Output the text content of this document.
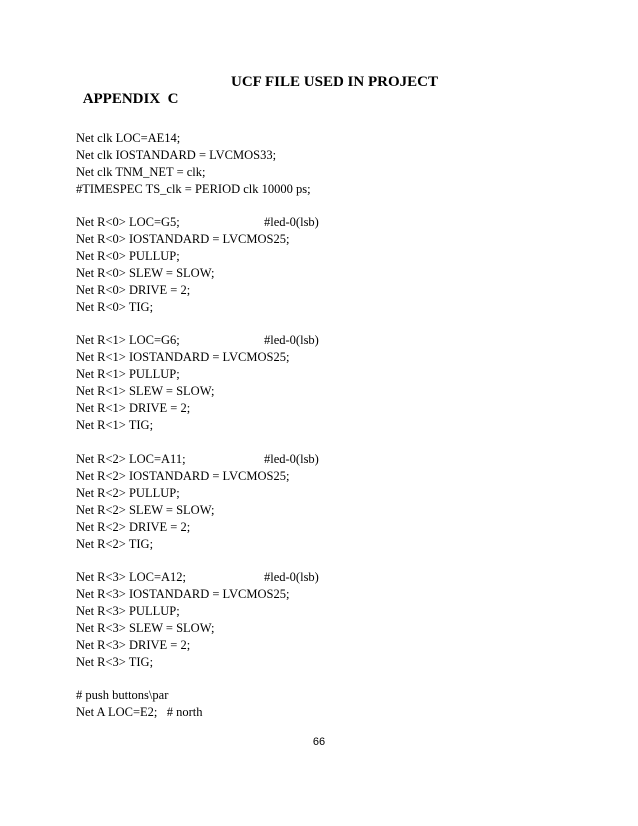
APPENDIX  C

UCF FILE USED IN PROJECT

Net clk LOC=AE14;
Net clk IOSTANDARD = LVCMOS33;
Net clk TNM_NET = clk;
#TIMESPEC TS_clk = PERIOD clk 10000 ps;
Net R<0> LOC=G5;	#led-0(lsb)
Net R<0> IOSTANDARD = LVCMOS25;
Net R<0> PULLUP;
Net R<0> SLEW = SLOW;
Net R<0> DRIVE = 2;
Net R<0> TIG;
Net R<1> LOC=G6;	#led-0(lsb)
Net R<1> IOSTANDARD = LVCMOS25;
Net R<1> PULLUP;
Net R<1> SLEW = SLOW;
Net R<1> DRIVE = 2;
Net R<1> TIG;
Net R<2> LOC=A11;	#led-0(lsb)
Net R<2> IOSTANDARD = LVCMOS25;
Net R<2> PULLUP;
Net R<2> SLEW = SLOW;
Net R<2> DRIVE = 2;
Net R<2> TIG;
Net R<3> LOC=A12;	#led-0(lsb)
Net R<3> IOSTANDARD = LVCMOS25;
Net R<3> PULLUP;
Net R<3> SLEW = SLOW;
Net R<3> DRIVE = 2;
Net R<3> TIG;
# push buttons\par
Net A LOC=E2;   # north
66
